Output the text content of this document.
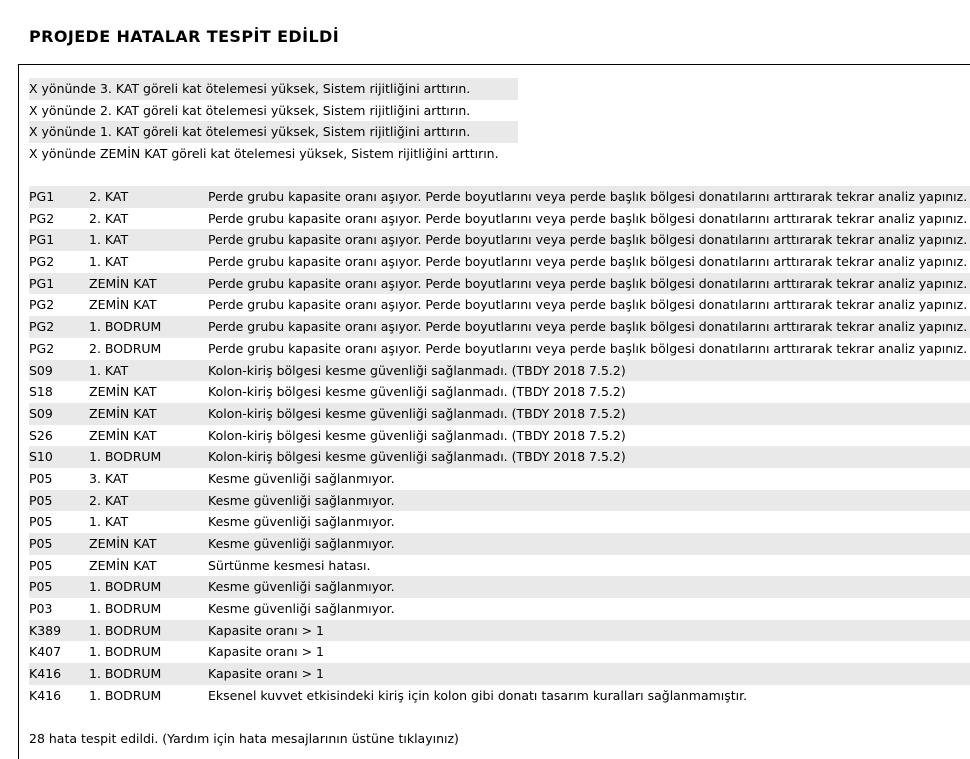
PROJEDE HATALAR TESPİT EDİLDİ
X yönünde 3. KAT göreli kat ötelemesi yüksek, Sistem rijitliğini arttırın.
X yönünde 2. KAT göreli kat ötelemesi yüksek, Sistem rijitliğini arttırın.
X yönünde 1. KAT göreli kat ötelemesi yüksek, Sistem rijitliğini arttırın.
X yönünde ZEMİN KAT göreli kat ötelemesi yüksek, Sistem rijitliğini arttırın.
PG1	2. KAT	Perde grubu kapasite oranı aşıyor. Perde boyutlarını veya perde başlık bölgesi donatılarını arttırarak tekrar analiz yapınız.
PG2	2. KAT	Perde grubu kapasite oranı aşıyor. Perde boyutlarını veya perde başlık bölgesi donatılarını arttırarak tekrar analiz yapınız.
PG1	1. KAT	Perde grubu kapasite oranı aşıyor. Perde boyutlarını veya perde başlık bölgesi donatılarını arttırarak tekrar analiz yapınız.
PG2	1. KAT	Perde grubu kapasite oranı aşıyor. Perde boyutlarını veya perde başlık bölgesi donatılarını arttırarak tekrar analiz yapınız.
PG1	ZEMİN KAT	Perde grubu kapasite oranı aşıyor. Perde boyutlarını veya perde başlık bölgesi donatılarını arttırarak tekrar analiz yapınız.
PG2	ZEMİN KAT	Perde grubu kapasite oranı aşıyor. Perde boyutlarını veya perde başlık bölgesi donatılarını arttırarak tekrar analiz yapınız.
PG2	1. BODRUM	Perde grubu kapasite oranı aşıyor. Perde boyutlarını veya perde başlık bölgesi donatılarını arttırarak tekrar analiz yapınız.
PG2	2. BODRUM	Perde grubu kapasite oranı aşıyor. Perde boyutlarını veya perde başlık bölgesi donatılarını arttırarak tekrar analiz yapınız.
S09	1. KAT	Kolon-kiriş bölgesi kesme güvenliği sağlanmadı. (TBDY 2018 7.5.2)
S18	ZEMİN KAT	Kolon-kiriş bölgesi kesme güvenliği sağlanmadı. (TBDY 2018 7.5.2)
S09	ZEMİN KAT	Kolon-kiriş bölgesi kesme güvenliği sağlanmadı. (TBDY 2018 7.5.2)
S26	ZEMİN KAT	Kolon-kiriş bölgesi kesme güvenliği sağlanmadı. (TBDY 2018 7.5.2)
S10	1. BODRUM	Kolon-kiriş bölgesi kesme güvenliği sağlanmadı. (TBDY 2018 7.5.2)
P05	3. KAT	Kesme güvenliği sağlanmıyor.
P05	2. KAT	Kesme güvenliği sağlanmıyor.
P05	1. KAT	Kesme güvenliği sağlanmıyor.
P05	ZEMİN KAT	Kesme güvenliği sağlanmıyor.
P05	ZEMİN KAT	Sürtünme kesmesi hatası.
P05	1. BODRUM	Kesme güvenliği sağlanmıyor.
P03	1. BODRUM	Kesme güvenliği sağlanmıyor.
K389 1. BODRUM	Kapasite oranı > 1
K407 1. BODRUM	Kapasite oranı > 1
K416 1. BODRUM	Kapasite oranı > 1
K416 1. BODRUM	Eksenel kuvvet etkisindeki kiriş için kolon gibi donatı tasarım kuralları sağlanmamıştır.
28 hata tespit edildi. (Yardım için hata mesajlarının üstüne tıklayınız)
